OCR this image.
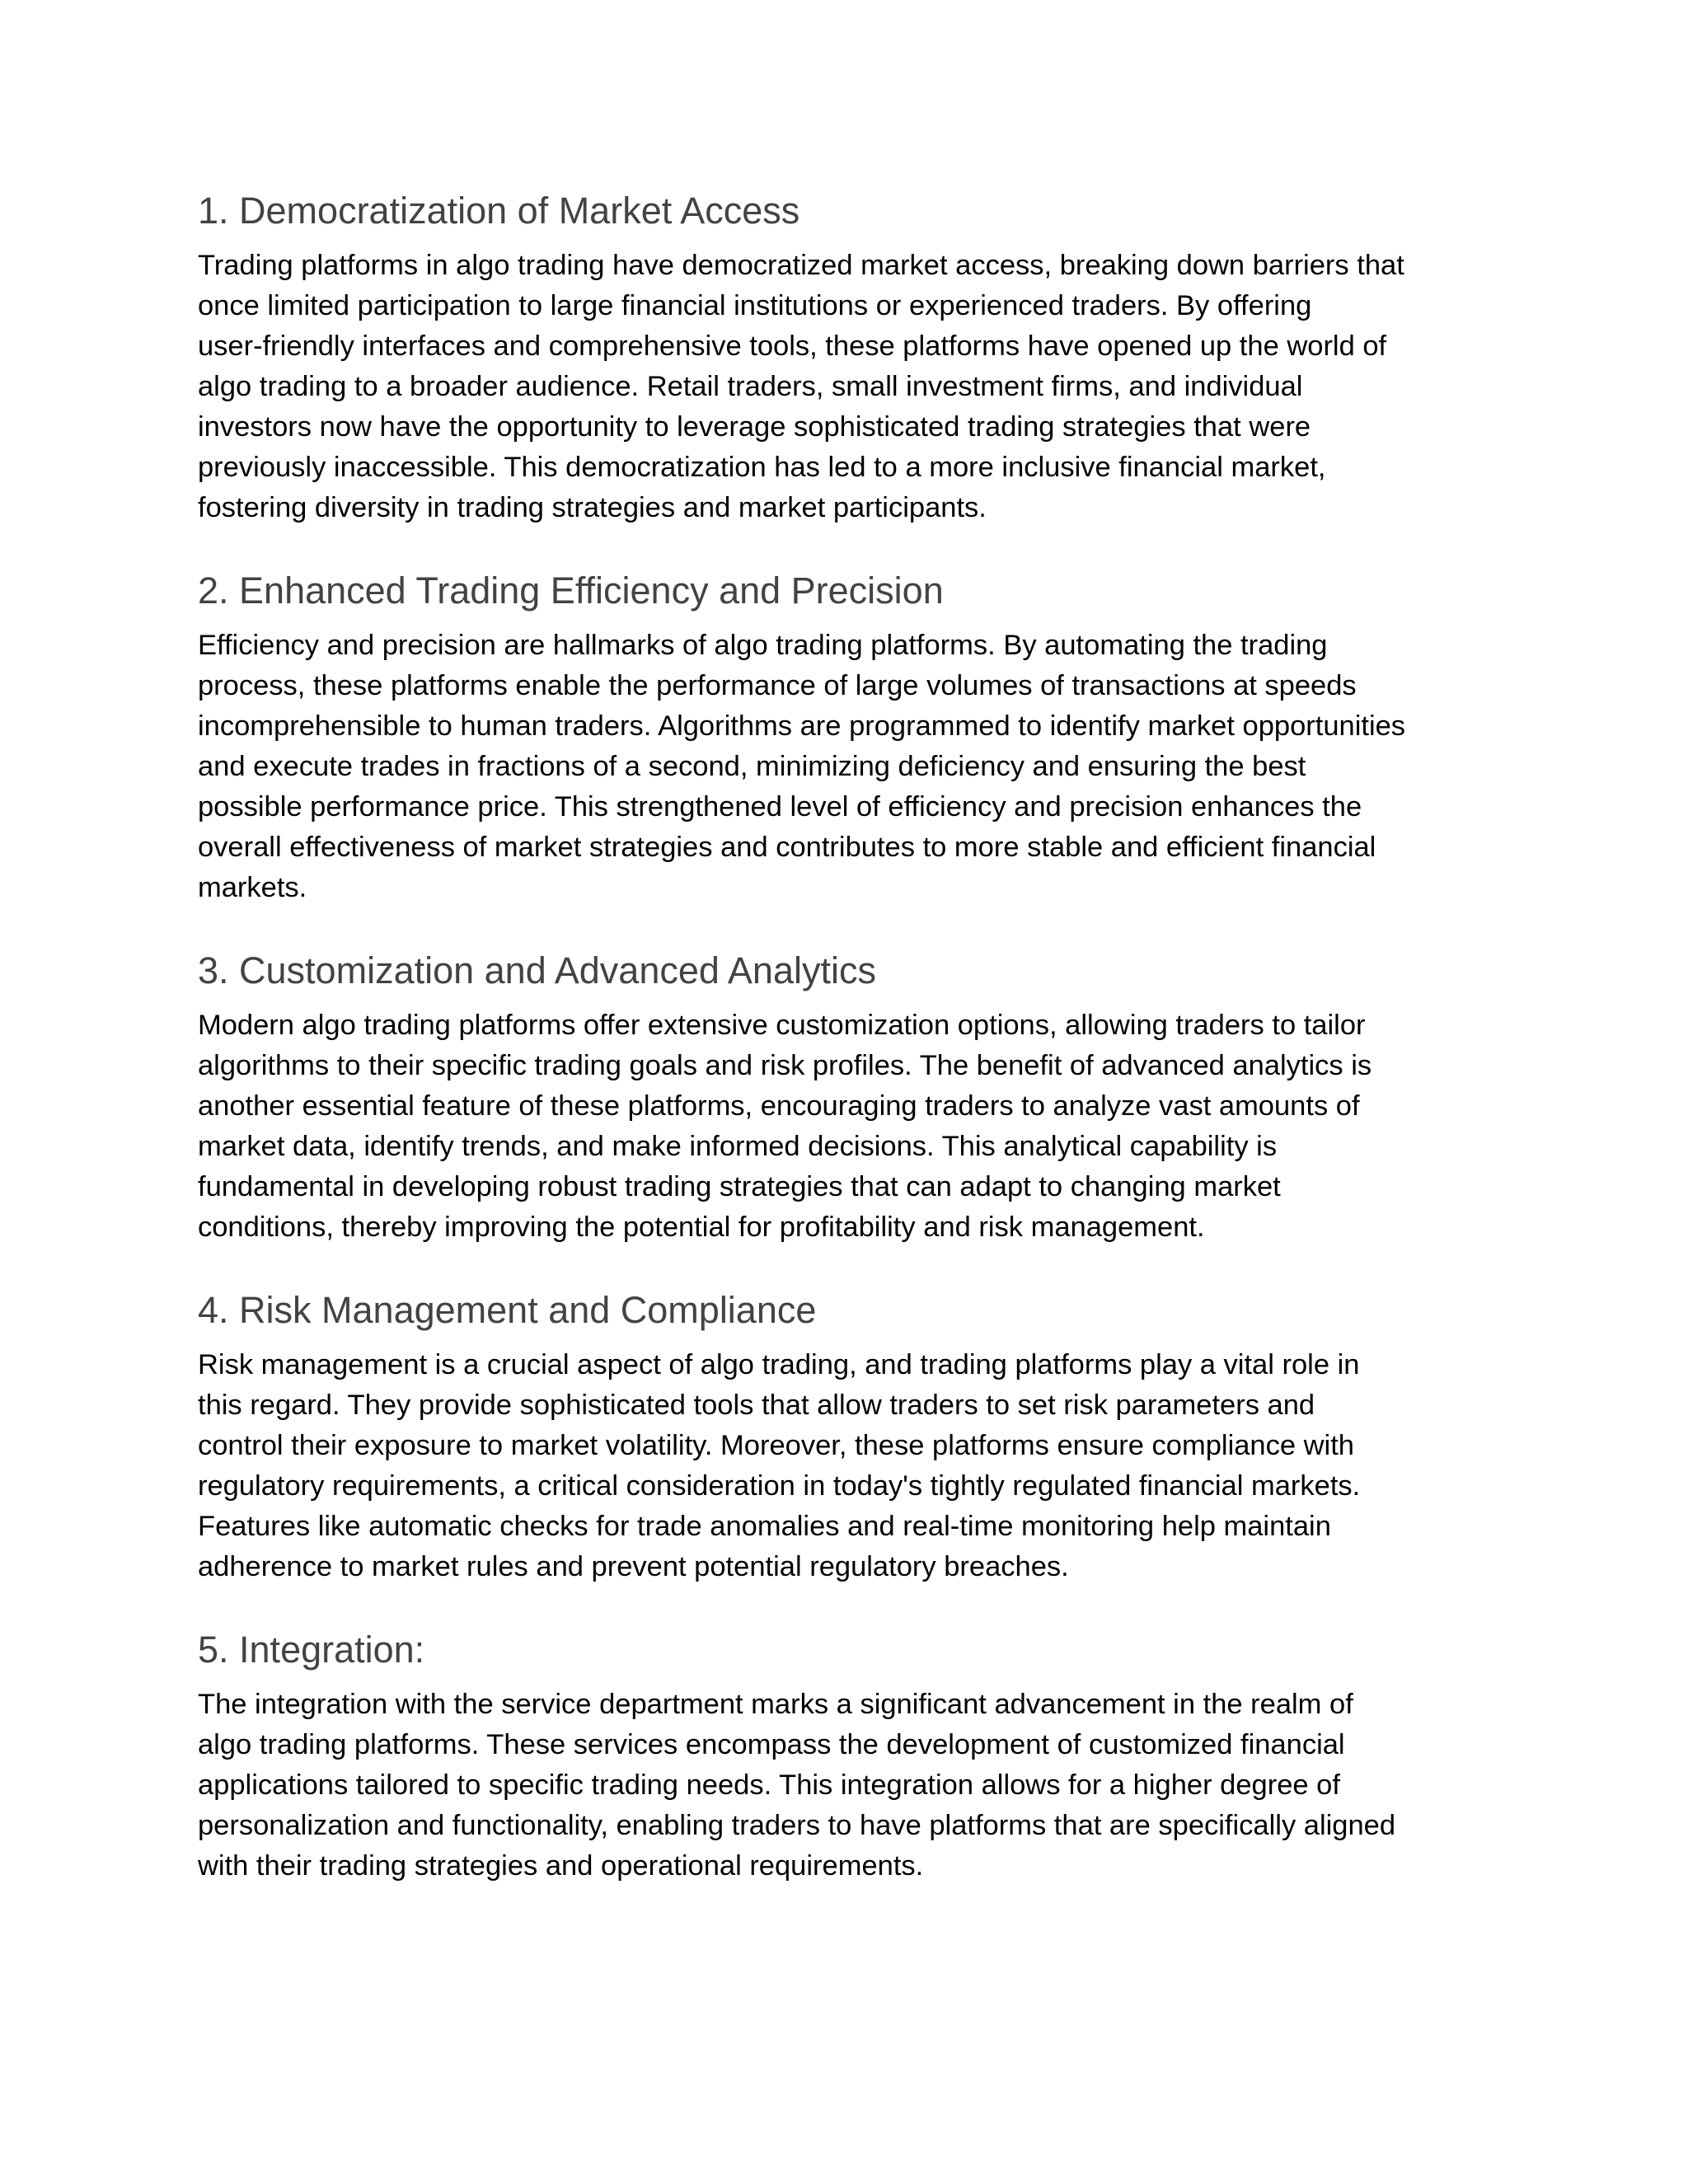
1. Democratization of Market Access

Trading platforms in algo trading have democratized market access, breaking down barriers that
once limited participation to large financial institutions or experienced traders. By offering
user-friendly interfaces and comprehensive tools, these platforms have opened up the world of
algo trading to a broader audience. Retail traders, small investment firms, and individual
investors now have the opportunity to leverage sophisticated trading strategies that were
previously inaccessible. This democratization has led to a more inclusive financial market,
fostering diversity in trading strategies and market participants.

2. Enhanced Trading Efficiency and Precision

Efficiency and precision are hallmarks of algo trading platforms. By automating the trading
process, these platforms enable the performance of large volumes of transactions at speeds
incomprehensible to human traders. Algorithms are programmed to identify market opportunities
and execute trades in fractions of a second, minimizing deficiency and ensuring the best
possible performance price. This strengthened level of efficiency and precision enhances the
overall effectiveness of market strategies and contributes to more stable and efficient financial
markets.

3. Customization and Advanced Analytics

Modern algo trading platforms offer extensive customization options, allowing traders to tailor
algorithms to their specific trading goals and risk profiles. The benefit of advanced analytics is
another essential feature of these platforms, encouraging traders to analyze vast amounts of
market data, identify trends, and make informed decisions. This analytical capability is
fundamental in developing robust trading strategies that can adapt to changing market
conditions, thereby improving the potential for profitability and risk management.

4. Risk Management and Compliance

Risk management is a crucial aspect of algo trading, and trading platforms play a vital role in
this regard. They provide sophisticated tools that allow traders to set risk parameters and
control their exposure to market volatility. Moreover, these platforms ensure compliance with
regulatory requirements, a critical consideration in today's tightly regulated financial markets.
Features like automatic checks for trade anomalies and real-time monitoring help maintain
adherence to market rules and prevent potential regulatory breaches.

5. Integration:

The integration with the service department marks a significant advancement in the realm of
algo trading platforms. These services encompass the development of customized financial
applications tailored to specific trading needs. This integration allows for a higher degree of
personalization and functionality, enabling traders to have platforms that are specifically aligned
with their trading strategies and operational requirements.
